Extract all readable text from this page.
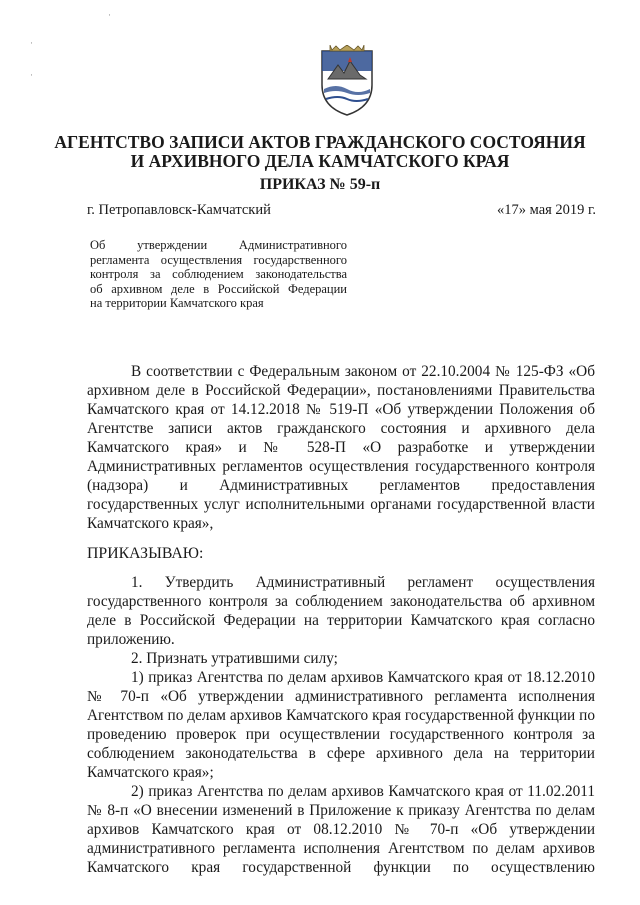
·
·
·
АГЕНТСТВО ЗАПИСИ АКТОВ ГРАЖДАНСКОГО СОСТОЯНИЯ
И АРХИВНОГО ДЕЛА КАМЧАТСКОГО КРАЯ
ПРИКАЗ № 59-п
г. Петропавловск-Камчатский	«17» мая 2019 г.
Об утверждении Административного
регламента осуществления государственного
контроля за соблюдением законодательства
об архивном деле в Российской Федерации
на территории Камчатского края
В соответствии с Федеральным законом от 22.10.2004 № 125-ФЗ «Об
архивном деле в Российской Федерации», постановлениями Правительства
Камчатского края от 14.12.2018 № 519-П «Об утверждении Положения об
Агентстве записи актов гражданского состояния и архивного дела
Камчатского края» и № 528-П «О разработке и утверждении
Административных регламентов осуществления государственного контроля
(надзора) и Административных регламентов предоставления
государственных услуг исполнительными органами государственной власти
Камчатского края»,
ПРИКАЗЫВАЮ:
1. Утвердить Административный регламент осуществления
государственного контроля за соблюдением законодательства об архивном
деле в Российской Федерации на территории Камчатского края согласно
приложению.
2. Признать утратившими силу;
1) приказ Агентства по делам архивов Камчатского края от 18.12.2010
№ 70-п «Об утверждении административного регламента исполнения
Агентством по делам архивов Камчатского края государственной функции по
проведению проверок при осуществлении государственного контроля за
соблюдением законодательства в сфере архивного дела на территории
Камчатского края»;
2) приказ Агентства по делам архивов Камчатского края от 11.02.2011
№ 8-п «О внесении изменений в Приложение к приказу Агентства по делам
архивов Камчатского края от 08.12.2010 № 70-п «Об утверждении
административного регламента исполнения Агентством по делам архивов
Камчатского края государственной функции по осуществлению
